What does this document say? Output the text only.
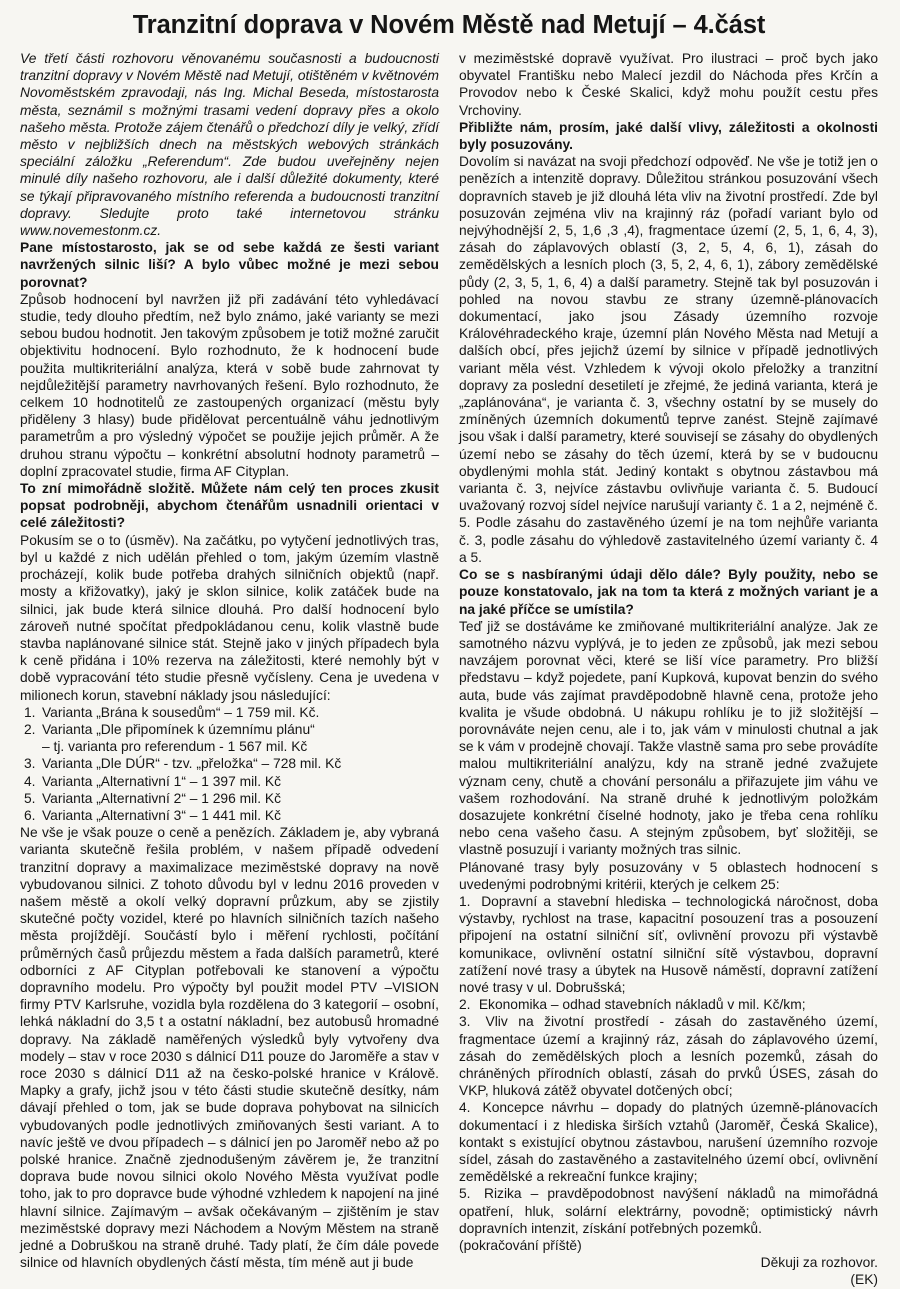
Tranzitní doprava v Novém Městě nad Metují – 4.část

Ve třetí části rozhovoru věnovanému současnosti a budoucnosti tranzitní dopravy v Novém Městě nad Metují, otištěném v květnovém Novoměstském zpravodaji, nás Ing. Michal Beseda, místostarosta města, seznámil s možnými trasami vedení dopravy přes a okolo našeho města. Protože zájem čtenářů o předchozí díly je velký, zřídí město v nejbližších dnech na městských webových stránkách speciální záložku „Referendum“. Zde budou uveřejněny nejen minulé díly našeho rozhovoru, ale i další důležité dokumenty, které se týkají připravovaného místního referenda a budoucnosti tranzitní dopravy. Sledujte proto také internetovou stránku www.novemestonm.cz.

Pane místostarosto, jak se od sebe každá ze šesti variant navržených silnic liší? A bylo vůbec možné je mezi sebou porovnat?

Způsob hodnocení byl navržen již při zadávání této vyhledávací studie, tedy dlouho předtím, než bylo známo, jaké varianty se mezi sebou budou hodnotit. Jen takovým způsobem je totiž možné zaručit objektivitu hodnocení. Bylo rozhodnuto, že k hodnocení bude použita multikriteriální analýza, která v sobě bude zahrnovat ty nejdůležitější parametry navrhovaných řešení. Bylo rozhodnuto, že celkem 10 hodnotitelů ze zastoupených organizací (městu byly přiděleny 3 hlasy) bude přidělovat percentuálně váhu jednotlivým parametrům a pro výsledný výpočet se použije jejich průměr. A že druhou stranu výpočtu – konkrétní absolutní hodnoty parametrů – doplní zpracovatel studie, firma AF Cityplan.

To zní mimořádně složitě. Můžete nám celý ten proces zkusit popsat podrobněji, abychom čtenářům usnadnili orientaci v celé záležitosti?

Pokusím se o to (úsměv). Na začátku, po vytyčení jednotlivých tras, byl u každé z nich udělán přehled o tom, jakým územím vlastně procházejí, kolik bude potřeba drahých silničních objektů (např. mosty a křižovatky), jaký je sklon silnice, kolik zatáček bude na silnici, jak bude která silnice dlouhá. Pro další hodnocení bylo zároveň nutné spočítat předpokládanou cenu, kolik vlastně bude stavba naplánované silnice stát. Stejně jako v jiných případech byla k ceně přidána i 10% rezerva na záležitosti, které nemohly být v době vypracování této studie přesně vyčísleny. Cena je uvedena v milionech korun, stavební náklady jsou následující:

1. Varianta „Brána k sousedům“ – 1 759 mil. Kč.
2. Varianta „Dle připomínek k územnímu plánu“
– tj. varianta pro referendum - 1 567 mil. Kč
3. Varianta „Dle DÚR“ - tzv. „přeložka“ – 728 mil. Kč
4. Varianta „Alternativní 1“ – 1 397 mil. Kč
5. Varianta „Alternativní 2“ – 1 296 mil. Kč
6. Varianta „Alternativní 3“ – 1 441 mil. Kč

Ne vše je však pouze o ceně a penězích. Základem je, aby vybraná varianta skutečně řešila problém, v našem případě odvedení tranzitní dopravy a maximalizace meziměstské dopravy na nově vybudovanou silnici. Z tohoto důvodu byl v lednu 2016 proveden v našem městě a okolí velký dopravní průzkum, aby se zjistily skutečné počty vozidel, které po hlavních silničních tazích našeho města projíždějí. Součástí bylo i měření rychlosti, počítání průměrných časů průjezdu městem a řada dalších parametrů, které odborníci z AF Cityplan potřebovali ke stanovení a výpočtu dopravního modelu. Pro výpočty byl použit model PTV –VISION firmy PTV Karlsruhe, vozidla byla rozdělena do 3 kategorií – osobní, lehká nákladní do 3,5 t a ostatní nákladní, bez autobusů hromadné dopravy. Na základě naměřených výsledků byly vytvořeny dva modely – stav v roce 2030 s dálnicí D11 pouze do Jaroměře a stav v roce 2030 s dálnicí D11 až na česko-polské hranice v Králově. Mapky a grafy, jichž jsou v této části studie skutečně desítky, nám dávají přehled o tom, jak se bude doprava pohybovat na silnicích vybudovaných podle jednotlivých zmiňovaných šesti variant. A to navíc ještě ve dvou případech – s dálnicí jen po Jaroměř nebo až po polské hranice. Značně zjednodušeným závěrem je, že tranzitní doprava bude novou silnici okolo Nového Města využívat podle toho, jak to pro dopravce bude výhodné vzhledem k napojení na jiné hlavní silnice. Zajímavým – avšak očekávaným – zjištěním je stav meziměstské dopravy mezi Náchodem a Novým Městem na straně jedné a Dobruškou na straně druhé. Tady platí, že čím dále povede silnice od hlavních obydlených částí města, tím méně aut ji bude

v meziměstské dopravě využívat. Pro ilustraci – proč bych jako obyvatel Františku nebo Malecí jezdil do Náchoda přes Krčín a Provodov nebo k České Skalici, když mohu použít cestu přes Vrchoviny.

Přibližte nám, prosím, jaké další vlivy, záležitosti a okolnosti byly posuzovány.

Dovolím si navázat na svoji předchozí odpověď. Ne vše je totiž jen o penězích a intenzitě dopravy. Důležitou stránkou posuzování všech dopravních staveb je již dlouhá léta vliv na životní prostředí. Zde byl posuzován zejména vliv na krajinný ráz (pořadí variant bylo od nejvýhodnější 2, 5, 1,6 ,3 ,4), fragmentace území (2, 5, 1, 6, 4, 3), zásah do záplavových oblastí (3, 2, 5, 4, 6, 1), zásah do zemědělských a lesních ploch (3, 5, 2, 4, 6, 1), zábory zemědělské půdy (2, 3, 5, 1, 6, 4) a další parametry. Stejně tak byl posuzován i pohled na novou stavbu ze strany územně-plánovacích dokumentací, jako jsou Zásady územního rozvoje Královéhradeckého kraje, územní plán Nového Města nad Metují a dalších obcí, přes jejichž území by silnice v případě jednotlivých variant měla vést. Vzhledem k vývoji okolo přeložky a tranzitní dopravy za poslední desetiletí je zřejmé, že jediná varianta, která je „zaplánována“, je varianta č. 3, všechny ostatní by se musely do zmíněných územních dokumentů teprve zanést. Stejně zajímavé jsou však i další parametry, které souvisejí se zásahy do obydlených území nebo se zásahy do těch území, která by se v budoucnu obydlenými mohla stát. Jediný kontakt s obytnou zástavbou má varianta č. 3, nejvíce zástavbu ovlivňuje varianta č. 5. Budoucí uvažovaný rozvoj sídel nejvíce narušují varianty č. 1 a 2, nejméně č. 5. Podle zásahu do zastavěného území je na tom nejhůře varianta č. 3, podle zásahu do výhledově zastavitelného území varianty č. 4 a 5.

Co se s nasbíranými údaji dělo dále? Byly použity, nebo se pouze konstatovalo, jak na tom ta která z možných variant je a na jaké příčce se umístila?

Teď již se dostáváme ke zmiňované multikriteriální analýze. Jak ze samotného názvu vyplývá, je to jeden ze způsobů, jak mezi sebou navzájem porovnat věci, které se liší více parametry. Pro bližší představu – když pojedete, paní Kupková, kupovat benzin do svého auta, bude vás zajímat pravděpodobně hlavně cena, protože jeho kvalita je všude obdobná. U nákupu rohlíku je to již složitější – porovnáváte nejen cenu, ale i to, jak vám v minulosti chutnal a jak se k vám v prodejně chovají. Takže vlastně sama pro sebe provádíte malou multikriteriální analýzu, kdy na straně jedné zvažujete význam ceny, chutě a chování personálu a přiřazujete jim váhu ve vašem rozhodování. Na straně druhé k jednotlivým položkám dosazujete konkrétní číselné hodnoty, jako je třeba cena rohlíku nebo cena vašeho času. A stejným způsobem, byť složitěji, se vlastně posuzují i varianty možných tras silnic.

Plánované trasy byly posuzovány v 5 oblastech hodnocení s uvedenými podrobnými kritérii, kterých je celkem 25:

1. Dopravní a stavební hlediska – technologická náročnost, doba výstavby, rychlost na trase, kapacitní posouzení tras a posouzení připojení na ostatní silniční síť, ovlivnění provozu při výstavbě komunikace, ovlivnění ostatní silniční sítě výstavbou, dopravní zatížení nové trasy a úbytek na Husově náměstí, dopravní zatížení nové trasy v ul. Dobrušská;
2. Ekonomika – odhad stavebních nákladů v mil. Kč/km;
3. Vliv na životní prostředí - zásah do zastavěného území, fragmentace území a krajinný ráz, zásah do záplavového území, zásah do zemědělských ploch a lesních pozemků, zásah do chráněných přírodních oblastí, zásah do prvků ÚSES, zásah do VKP, hluková zátěž obyvatel dotčených obcí;
4. Koncepce návrhu – dopady do platných územně-plánovacích dokumentací i z hlediska širších vztahů (Jaroměř, Česká Skalice), kontakt s existující obytnou zástavbou, narušení územního rozvoje sídel, zásah do zastavěného a zastavitelného území obcí, ovlivnění zemědělské a rekreační funkce krajiny;
5. Rizika – pravděpodobnost navýšení nákladů na mimořádná opatření, hluk, solární elektrárny, povodně; optimistický návrh dopravních intenzit, získání potřebných pozemků.

(pokračování příště)

Děkuji za rozhovor.

(EK)
